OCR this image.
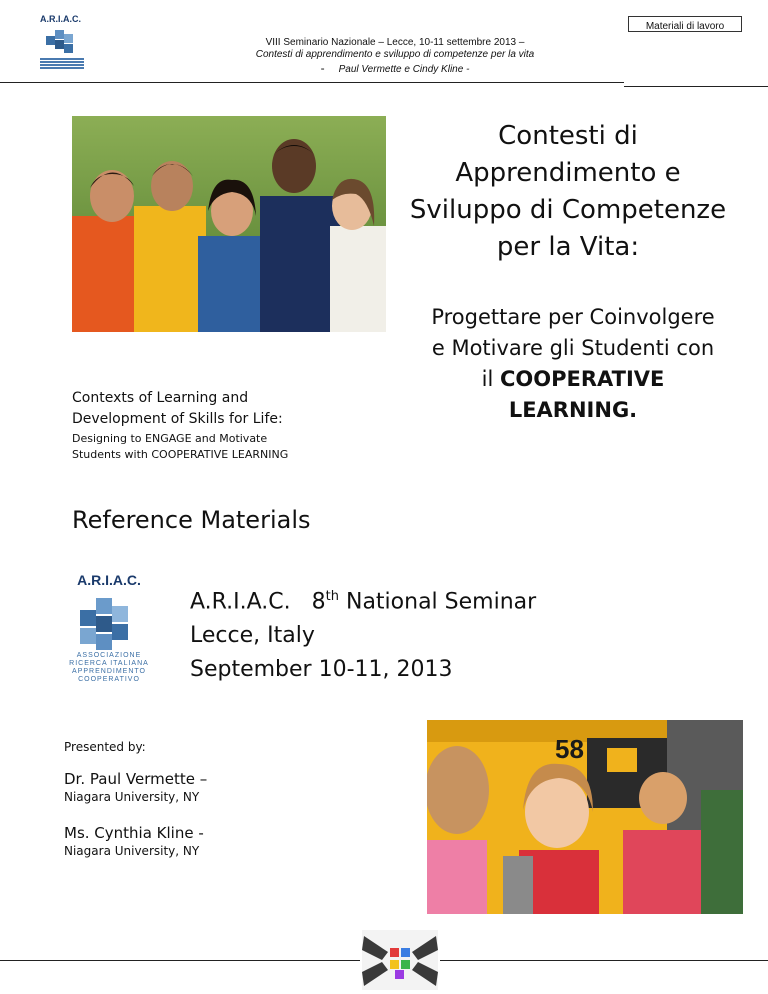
A.R.I.A.C.
Materiali di lavoro
VIII Seminario Nazionale – Lecce, 10-11 settembre 2013 –
Contesti di apprendimento e sviluppo di competenze per la vita
- Paul Vermette e Cindy Kline -
Contesti di
Apprendimento e
Sviluppo di Competenze
per la Vita:
Progettare per Coinvolgere
e Motivare gli Studenti con
il COOPERATIVE
LEARNING.
Contexts of Learning and
Development of Skills for Life:
Designing to ENGAGE and Motivate
Students with COOPERATIVE LEARNING
Reference Materials
A.R.I.A.C.
ASSOCIAZIONE
RICERCA ITALIANA
APPRENDIMENTO
COOPERATIVO
A.R.I.A.C. 8th National Seminar
Lecce, Italy
September 10-11, 2013
Presented by:
Dr. Paul Vermette –
Niagara University, NY
Ms. Cynthia Kline -
Niagara University, NY
58
